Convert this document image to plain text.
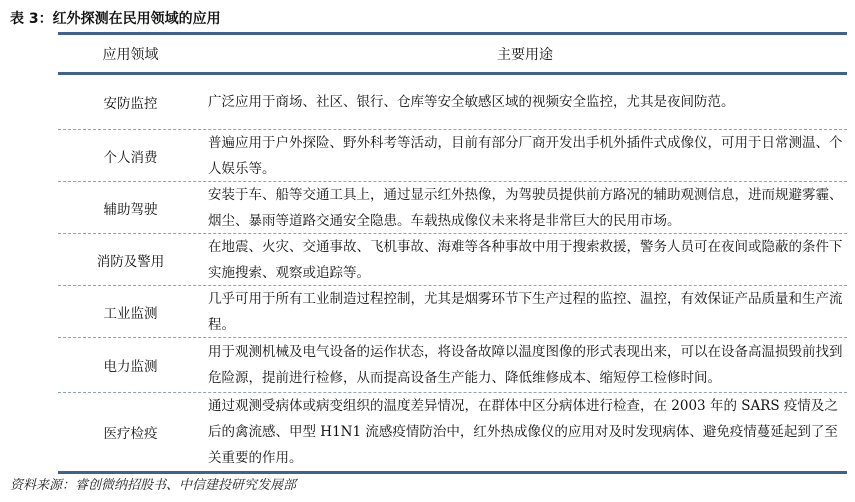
表 3：红外探测在民用领域的应用
应用领域	主要用途
安防监控	广泛应用于商场、社区、银行、仓库等安全敏感区域的视频安全监控，尤其是夜间防范。
个人消费
普遍应用于户外探险、野外科考等活动，目前有部分厂商开发出手机外插件式成像仪，可用于日常测温、个人娱乐等。
辅助驾驶
安装于车、船等交通工具上，通过显示红外热像，为驾驶员提供前方路况的辅助观测信息，进而规避雾霾、烟尘、暴雨等道路交通安全隐患。车载热成像仪未来将是非常巨大的民用市场。
消防及警用
在地震、火灾、交通事故、飞机事故、海难等各种事故中用于搜索救援，警务人员可在夜间或隐蔽的条件下实施搜索、观察或追踪等。
工业监测
几乎可用于所有工业制造过程控制，尤其是烟雾环节下生产过程的监控、温控，有效保证产品质量和生产流程。
电力监测
用于观测机械及电气设备的运作状态，将设备故障以温度图像的形式表现出来，可以在设备高温损毁前找到危险源，提前进行检修，从而提高设备生产能力、降低维修成本、缩短停工检修时间。
医疗检疫
通过观测受病体或病变组织的温度差异情况，在群体中区分病体进行检查，在 2003 年的 SARS 疫情及之后的禽流感、甲型 H1N1 流感疫情防治中，红外热成像仪的应用对及时发现病体、避免疫情蔓延起到了至关重要的作用。
资料来源：睿创微纳招股书、中信建投研究发展部
